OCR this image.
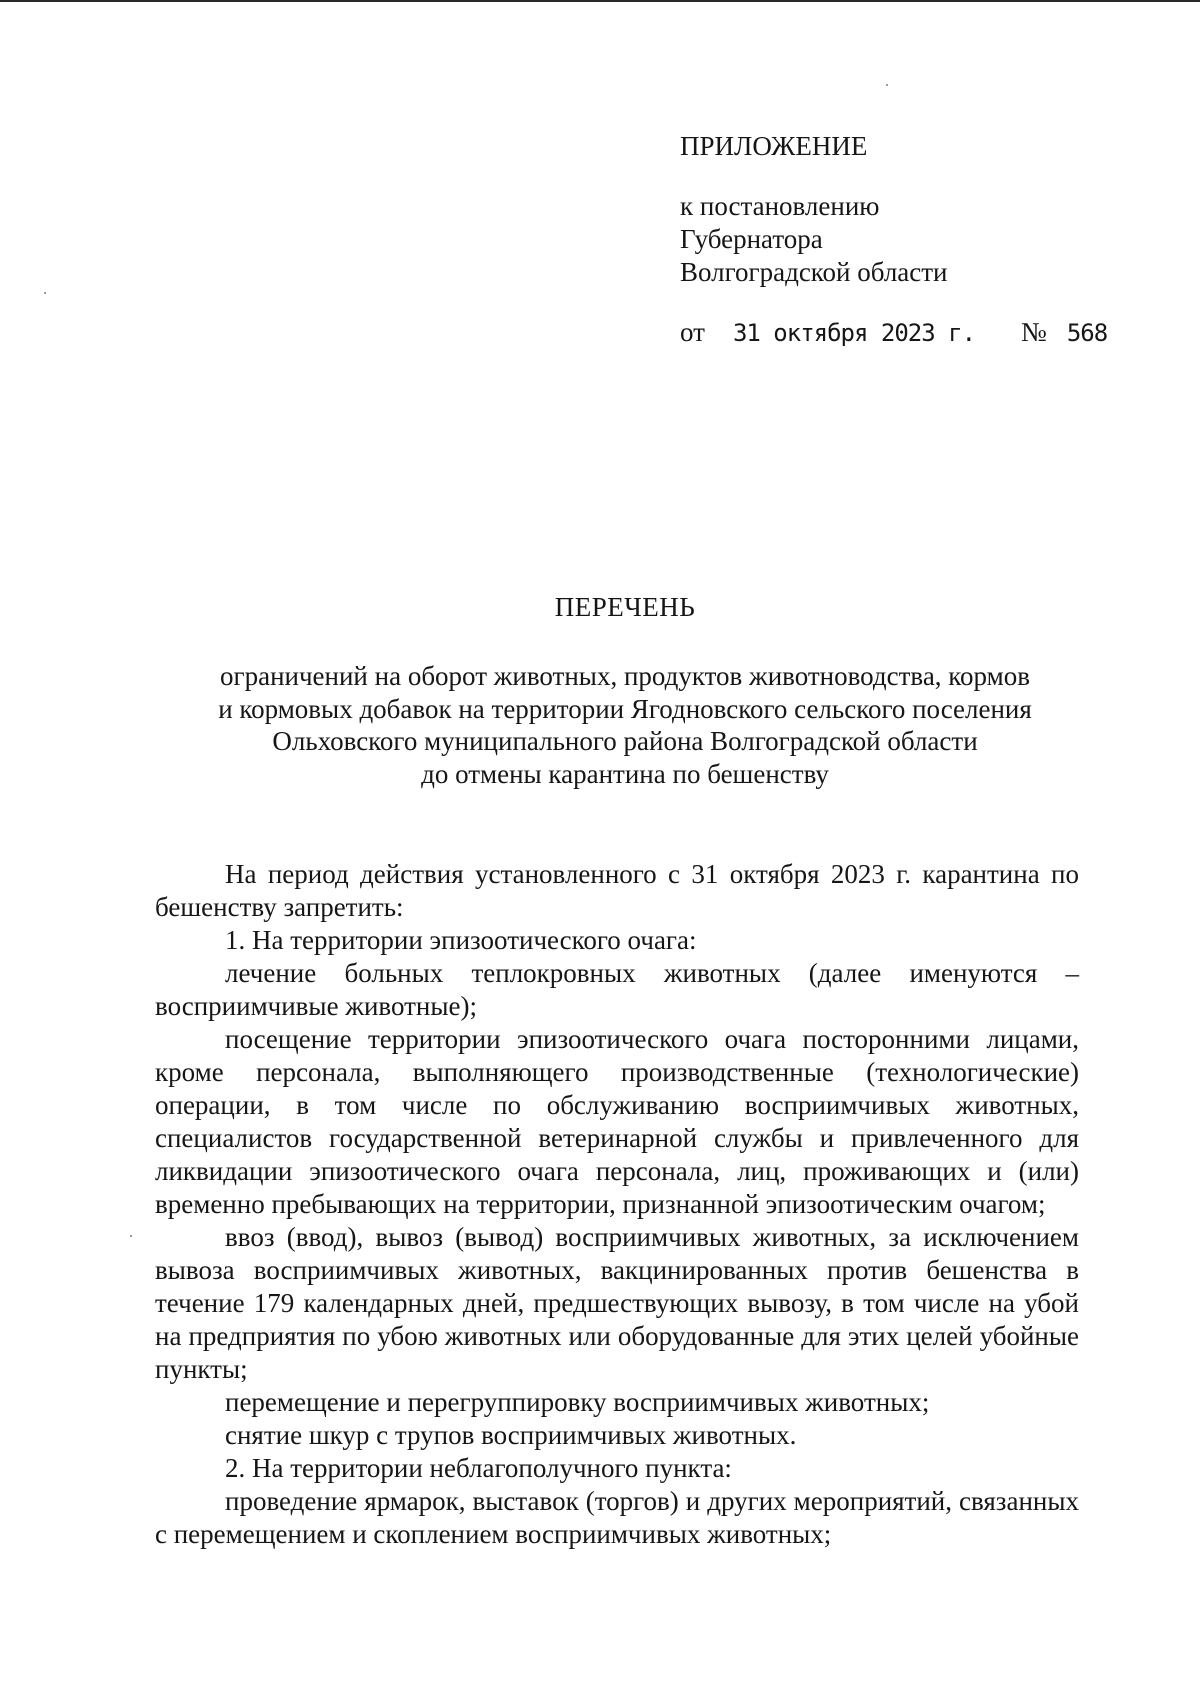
ПРИЛОЖЕНИЕ
к постановлению
Губернатора
Волгоградской области
от 31 октября 2023 г. № 568
ПЕРЕЧЕНЬ
ограничений на оборот животных, продуктов животноводства, кормов
и кормовых добавок на территории Ягодновского сельского поселения
Ольховского муниципального района Волгоградской области
до отмены карантина по бешенству

На период действия установленного с 31 октября 2023 г. карантина по бешенству запретить:

1. На территории эпизоотического очага:

лечение больных теплокровных животных (далее именуются – восприимчивые животные);

посещение территории эпизоотического очага посторонними лицами, кроме персонала, выполняющего производственные (технологические) операции, в том числе по обслуживанию восприимчивых животных, специалистов государственной ветеринарной службы и привлеченного для ликвидации эпизоотического очага персонала, лиц, проживающих и (или) временно пребывающих на территории, признанной эпизоотическим очагом;

ввоз (ввод), вывоз (вывод) восприимчивых животных, за исключением вывоза восприимчивых животных, вакцинированных против бешенства в течение 179 календарных дней, предшествующих вывозу, в том числе на убой на предприятия по убою животных или оборудованные для этих целей убойные пункты;

перемещение и перегруппировку восприимчивых животных;

снятие шкур с трупов восприимчивых животных.

2. На территории неблагополучного пункта:

проведение ярмарок, выставок (торгов) и других мероприятий, связанных с перемещением и скоплением восприимчивых животных;
